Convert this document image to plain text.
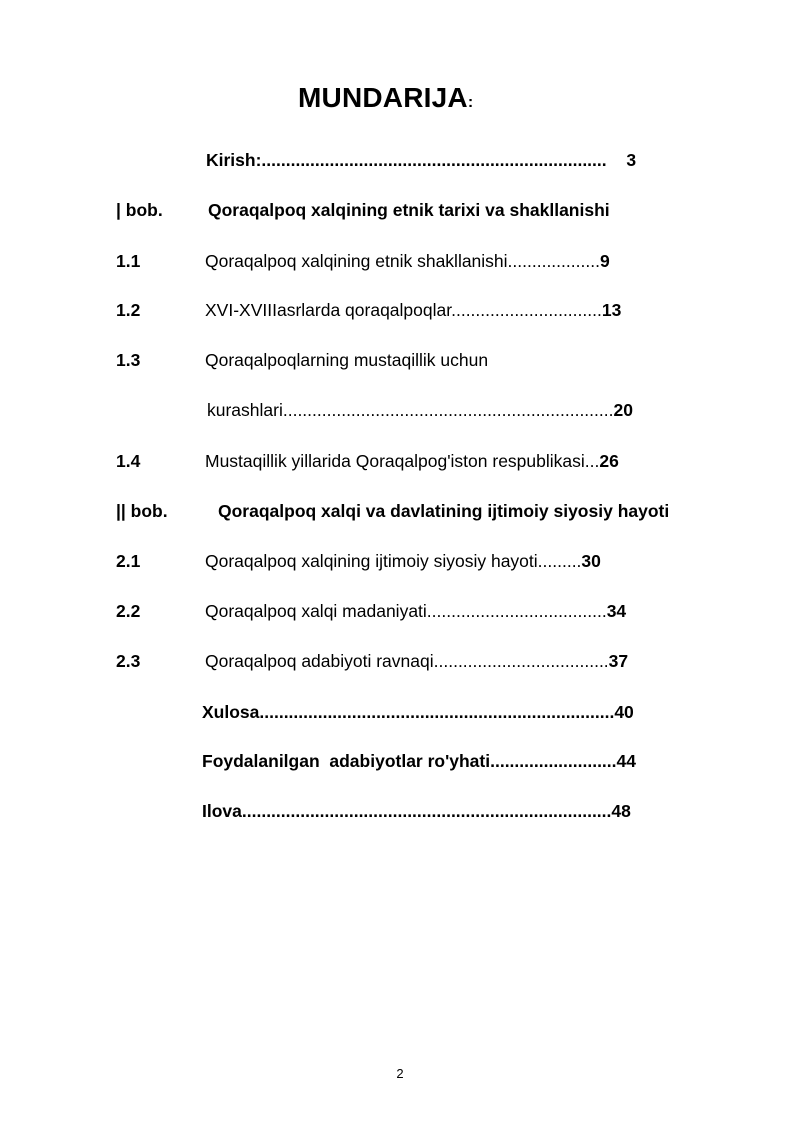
MUNDARIJA:
Kirish:....................................................................... 3
| bob.	Qoraqalpoq xalqining etnik tarixi va shakllanishi
1.1	Qoraqalpoq xalqining etnik shakllanishi...................9
1.2	XVI-XVIIIasrlarda qoraqalpoqlar...............................13
1.3	Qoraqalpoqlarning mustaqillik uchun
kurashlari....................................................................20
1.4	Mustaqillik yillarida Qoraqalpog'iston respublikasi...26
|| bob.	Qoraqalpoq xalqi va davlatining ijtimoiy siyosiy hayoti
2.1	Qoraqalpoq xalqining ijtimoiy siyosiy hayoti.........30
2.2	Qoraqalpoq xalqi madaniyati.....................................34
2.3	Qoraqalpoq adabiyoti ravnaqi....................................37
Xulosa.........................................................................40
Foydalanilgan  adabiyotlar ro'yhati..........................44
Ilova............................................................................48
2
